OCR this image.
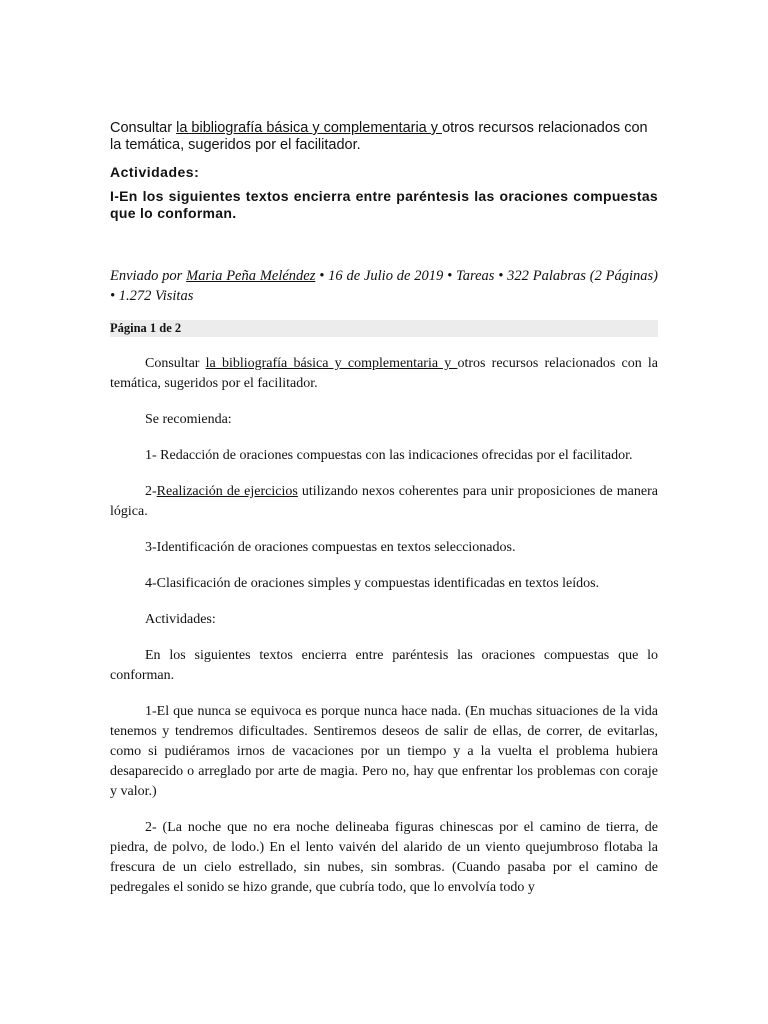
Consultar la bibliografía básica y complementaria y otros recursos relacionados con la temática, sugeridos por el facilitador.

Actividades:

I-En los siguientes textos encierra entre paréntesis las oraciones compuestas que lo conforman.

Enviado por Maria Peña Meléndez • 16 de Julio de 2019 • Tareas • 322 Palabras (2 Páginas) • 1.272 Visitas

Página 1 de 2

Consultar la bibliografía básica y complementaria y otros recursos relacionados con la temática, sugeridos por el facilitador.

Se recomienda:

1- Redacción de oraciones compuestas con las indicaciones ofrecidas por el facilitador.

2-Realización de ejercicios utilizando nexos coherentes para unir proposiciones de manera lógica.

3-Identificación de oraciones compuestas en textos seleccionados.

4-Clasificación de oraciones simples y compuestas identificadas en textos leídos.

Actividades:

En los siguientes textos encierra entre paréntesis las oraciones compuestas que lo conforman.

1-El que nunca se equivoca es porque nunca hace nada. (En muchas situaciones de la vida tenemos y tendremos dificultades. Sentiremos deseos de salir de ellas, de correr, de evitarlas, como si pudiéramos irnos de vacaciones por un tiempo y a la vuelta el problema hubiera desaparecido o arreglado por arte de magia. Pero no, hay que enfrentar los problemas con coraje y valor.)

2- (La noche que no era noche delineaba figuras chinescas por el camino de tierra, de piedra, de polvo, de lodo.) En el lento vaivén del alarido de un viento quejumbroso flotaba la frescura de un cielo estrellado, sin nubes, sin sombras. (Cuando pasaba por el camino de pedregales el sonido se hizo grande, que cubría todo, que lo envolvía todo y
